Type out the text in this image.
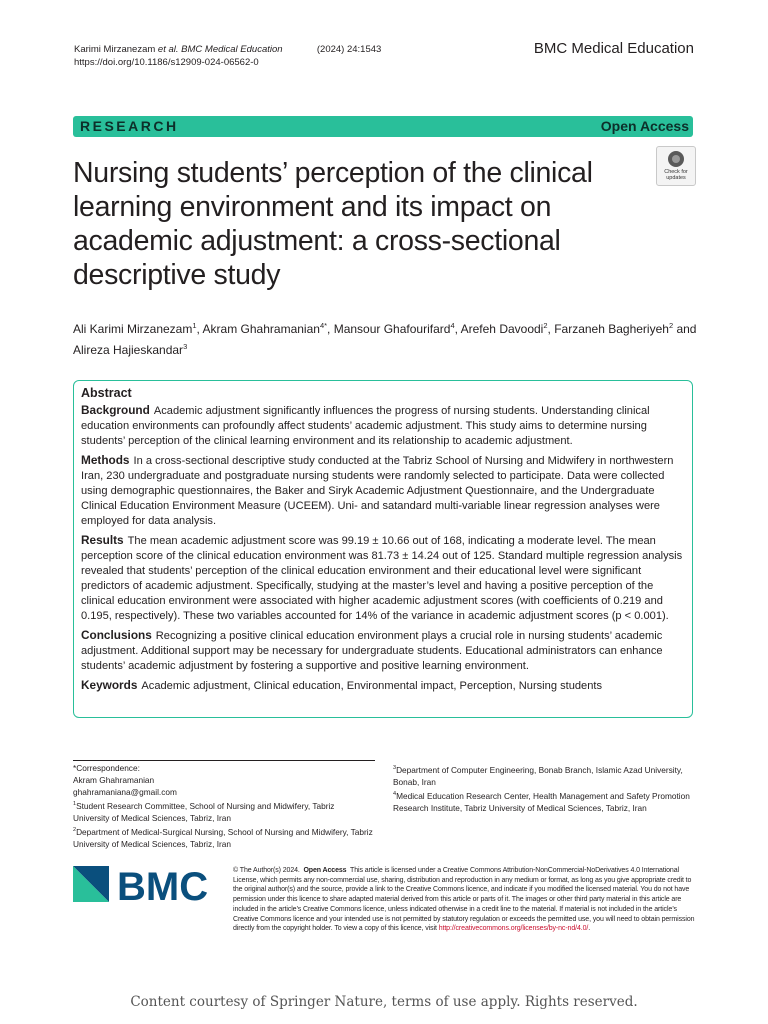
Karimi Mirzanezam et al. BMC Medical Education	(2024) 24:1543
https://doi.org/10.1186/s12909-024-06562-0
BMC Medical Education
RESEARCH	Open Access
Nursing students’ perception of the clinical learning environment and its impact on academic adjustment: a cross-sectional descriptive study
Check for updates
Ali Karimi Mirzanezam$^1$, Akram Ghahramanian$^{4*}$, Mansour Ghafourifard$^4$, Arefeh Davoodi$^2$, Farzaneh Bagheriyeh$^2$ and
Alireza Hajieskandar$^3$
Abstract
Background Academic adjustment significantly influences the progress of nursing students. Understanding clinical education environments can profoundly affect students’ academic adjustment. This study aims to determine nursing students’ perception of the clinical learning environment and its relationship to academic adjustment.
Methods In a cross-sectional descriptive study conducted at the Tabriz School of Nursing and Midwifery in northwestern Iran, 230 undergraduate and postgraduate nursing students were randomly selected to participate. Data were collected using demographic questionnaires, the Baker and Siryk Academic Adjustment Questionnaire, and the Undergraduate Clinical Education Environment Measure (UCEEM). Uni- and satandard multi-variable linear regression analyses were employed for data analysis.
Results The mean academic adjustment score was 99.19 ± 10.66 out of 168, indicating a moderate level. The mean perception score of the clinical education environment was 81.73 ± 14.24 out of 125. Standard multiple regression analysis revealed that students’ perception of the clinical education environment and their educational level were significant predictors of academic adjustment. Specifically, studying at the master’s level and having a positive perception of the clinical education environment were associated with higher academic adjustment scores (with coefficients of 0.219 and 0.195, respectively). These two variables accounted for 14% of the variance in academic adjustment scores (p < 0.001).
Conclusions Recognizing a positive clinical education environment plays a crucial role in nursing students’ academic adjustment. Additional support may be necessary for undergraduate students. Educational administrators can enhance students’ academic adjustment by fostering a supportive and positive learning environment.
Keywords Academic adjustment, Clinical education, Environmental impact, Perception, Nursing students
*Correspondence:
Akram Ghahramanian
ghahramaniana@gmail.com
$^1$Student Research Committee, School of Nursing and Midwifery, Tabriz University of Medical Sciences, Tabriz, Iran
$^2$Department of Medical-Surgical Nursing, School of Nursing and Midwifery, Tabriz University of Medical Sciences, Tabriz, Iran
$^3$Department of Computer Engineering, Bonab Branch, Islamic Azad University, Bonab, Iran
$^4$Medical Education Research Center, Health Management and Safety Promotion Research Institute, Tabriz University of Medical Sciences, Tabriz, Iran
BMC	© The Author(s) 2024. Open Access This article is licensed under a Creative Commons Attribution-NonCommercial-NoDerivatives 4.0 International License, which permits any non-commercial use, sharing, distribution and reproduction in any medium or format, as long as you give appropriate credit to the original author(s) and the source, provide a link to the Creative Commons licence, and indicate if you modified the licensed material. You do not have permission under this licence to share adapted material derived from this article or parts of it. The images or other third party material in this article are included in the article’s Creative Commons licence, unless indicated otherwise in a credit line to the material. If material is not included in the article’s Creative Commons licence and your intended use is not permitted by statutory regulation or exceeds the permitted use, you will need to obtain permission directly from the copyright holder. To view a copy of this licence, visit http://creativecommons.org/licenses/by-nc-nd/4.0/.
Content courtesy of Springer Nature, terms of use apply. Rights reserved.
